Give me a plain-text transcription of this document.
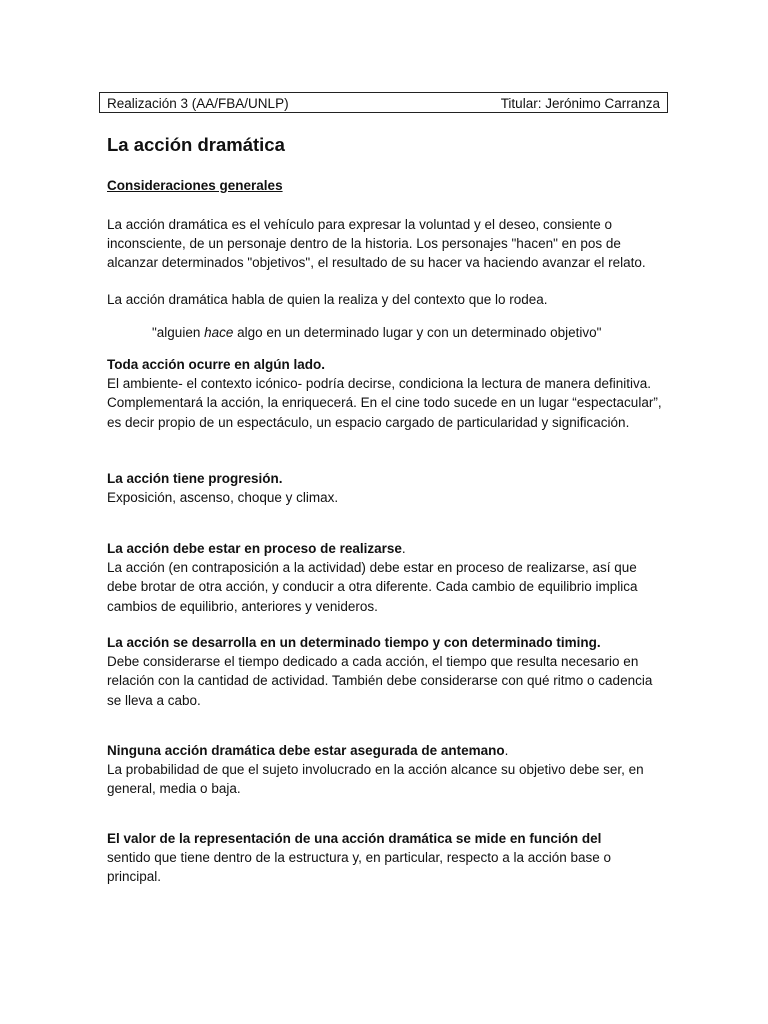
Realización 3 (AA/FBA/UNLP)	Titular: Jerónimo Carranza
La acción dramática
Consideraciones generales

La acción dramática es el vehículo para expresar la voluntad y el deseo, consiente o inconsciente, de un personaje dentro de la historia. Los personajes "hacen" en pos de alcanzar determinados "objetivos", el resultado de su hacer va haciendo avanzar el relato.

La acción dramática habla de quien la realiza y del contexto que lo rodea.

"alguien hace algo en un determinado lugar y con un determinado objetivo"

Toda acción ocurre en algún lado.

El ambiente- el contexto icónico- podría decirse, condiciona la lectura de manera definitiva. Complementará la acción, la enriquecerá. En el cine todo sucede en un lugar “espectacular”, es decir propio de un espectáculo, un espacio cargado de particularidad y significación.

La acción tiene progresión.

Exposición, ascenso, choque y climax.

La acción debe estar en proceso de realizarse.

La acción (en contraposición a la actividad) debe estar en proceso de realizarse, así que debe brotar de otra acción, y conducir a otra diferente. Cada cambio de equilibrio implica cambios de equilibrio, anteriores y venideros.

La acción se desarrolla en un determinado tiempo y con determinado timing.

Debe considerarse el tiempo dedicado a cada acción, el tiempo que resulta necesario en relación con la cantidad de actividad. También debe considerarse con qué ritmo o cadencia se lleva a cabo.

Ninguna acción dramática debe estar asegurada de antemano.

La probabilidad de que el sujeto involucrado en la acción alcance su objetivo debe ser, en general, media o baja.

El valor de la representación de una acción dramática se mide en función del

sentido que tiene dentro de la estructura y, en particular, respecto a la acción base o principal.
